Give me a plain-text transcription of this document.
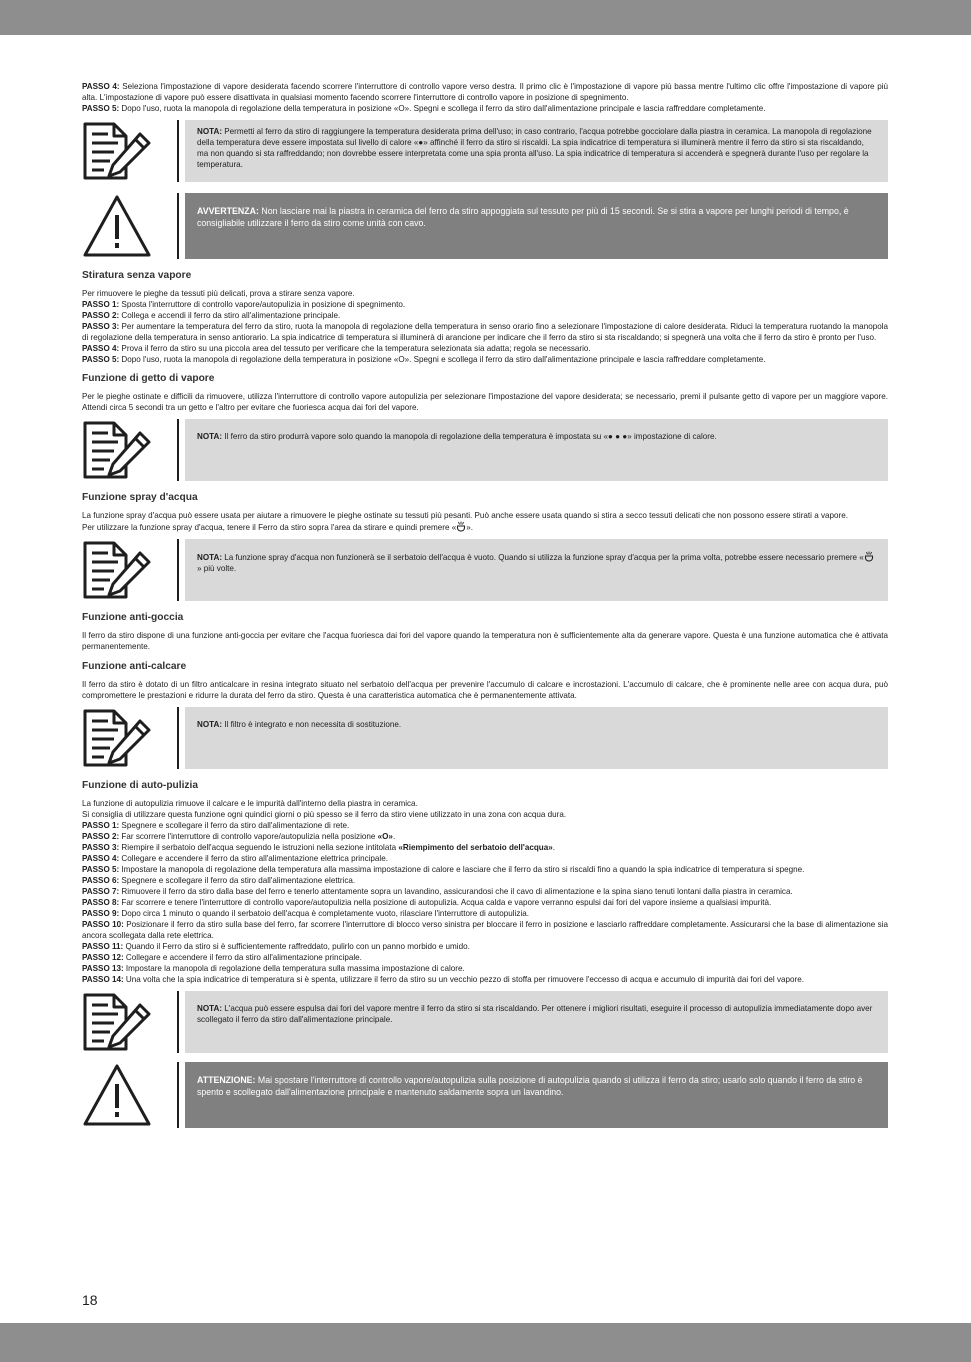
PASSO 4: Seleziona l'impostazione di vapore desiderata facendo scorrere l'interruttore di controllo vapore verso destra. Il primo clic è l'impostazione di vapore più bassa mentre l'ultimo clic offre l'impostazione di vapore più alta. L'impostazione di vapore può essere disattivata in qualsiasi momento facendo scorrere l'interruttore di controllo vapore in posizione di spegnimento.

PASSO 5: Dopo l'uso, ruota la manopola di regolazione della temperatura in posizione «O». Spegni e scollega il ferro da stiro dall'alimentazione principale e lascia raffreddare completamente.

NOTA: Permetti al ferro da stiro di raggiungere la temperatura desiderata prima dell'uso; in caso contrario, l'acqua potrebbe gocciolare dalla piastra in ceramica. La manopola di regolazione della temperatura deve essere impostata sul livello di calore «●» affinché il ferro da stiro si riscaldi. La spia indicatrice di temperatura si illuminerà mentre il ferro da stiro si sta riscaldando, ma non quando si sta raffreddando; non dovrebbe essere interpretata come una spia pronta all'uso. La spia indicatrice di temperatura si accenderà e spegnerà durante l'uso per regolare la temperatura.

AVVERTENZA: Non lasciare mai la piastra in ceramica del ferro da stiro appoggiata sul tessuto per più di 15 secondi. Se si stira a vapore per lunghi periodi di tempo, è consigliabile utilizzare il ferro da stiro come unità con cavo.

Stiratura senza vapore

Per rimuovere le pieghe da tessuti più delicati, prova a stirare senza vapore.

PASSO 1: Sposta l'interruttore di controllo vapore/autopulizia in posizione di spegnimento.

PASSO 2: Collega e accendi il ferro da stiro all'alimentazione principale.

PASSO 3: Per aumentare la temperatura del ferro da stiro, ruota la manopola di regolazione della temperatura in senso orario fino a selezionare l'impostazione di calore desiderata. Riduci la temperatura ruotando la manopola di regolazione della temperatura in senso antiorario. La spia indicatrice di temperatura si illuminerà di arancione per indicare che il ferro da stiro si sta riscaldando; si spegnerà una volta che il ferro da stiro è pronto per l'uso.

PASSO 4: Prova il ferro da stiro su una piccola area del tessuto per verificare che la temperatura selezionata sia adatta; regola se necessario.

PASSO 5: Dopo l'uso, ruota la manopola di regolazione della temperatura in posizione «O». Spegni e scollega il ferro da stiro dall'alimentazione principale e lascia raffreddare completamente.

Funzione di getto di vapore

Per le pieghe ostinate e difficili da rimuovere, utilizza l'interruttore di controllo vapore autopulizia per selezionare l'impostazione del vapore desiderata; se necessario, premi il pulsante getto di vapore per un maggiore vapore. Attendi circa 5 secondi tra un getto e l'altro per evitare che fuoriesca acqua dai fori del vapore.

NOTA: Il ferro da stiro produrrà vapore solo quando la manopola di regolazione della temperatura è impostata su «● ● ●» impostazione di calore.

Funzione spray d'acqua

La funzione spray d'acqua può essere usata per aiutare a rimuovere le pieghe ostinate su tessuti più pesanti. Può anche essere usata quando si stira a secco tessuti delicati che non possono essere stirati a vapore.

Per utilizzare la funzione spray d'acqua, tenere il Ferro da stiro sopra l'area da stirare e quindi premere « ».

NOTA: La funzione spray d'acqua non funzionerà se il serbatoio dell'acqua è vuoto. Quando si utilizza la funzione spray d'acqua per la prima volta, potrebbe essere necessario premere «» più volte.

Funzione anti-goccia

Il ferro da stiro dispone di una funzione anti-goccia per evitare che l'acqua fuoriesca dai fori del vapore quando la temperatura non è sufficientemente alta da generare vapore. Questa è una funzione automatica che è attivata permanentemente.

Funzione anti-calcare

Il ferro da stiro è dotato di un filtro anticalcare in resina integrato situato nel serbatoio dell'acqua per prevenire l'accumulo di calcare e incrostazioni. L'accumulo di calcare, che è prominente nelle aree con acqua dura, può compromettere le prestazioni e ridurre la durata del ferro da stiro. Questa è una caratteristica automatica che è permanentemente attivata.

NOTA: Il filtro è integrato e non necessita di sostituzione.

Funzione di auto-pulizia

La funzione di autopulizia rimuove il calcare e le impurità dall'interno della piastra in ceramica.

Si consiglia di utilizzare questa funzione ogni quindici giorni o più spesso se il ferro da stiro viene utilizzato in una zona con acqua dura.

PASSO 1: Spegnere e scollegare il ferro da stiro dall'alimentazione di rete.

PASSO 2: Far scorrere l'interruttore di controllo vapore/autopulizia nella posizione «O».

PASSO 3: Riempire il serbatoio dell'acqua seguendo le istruzioni nella sezione intitolata «Riempimento del serbatoio dell'acqua».

PASSO 4: Collegare e accendere il ferro da stiro all'alimentazione elettrica principale.

PASSO 5: Impostare la manopola di regolazione della temperatura alla massima impostazione di calore e lasciare che il ferro da stiro si riscaldi fino a quando la spia indicatrice di temperatura si spegne.

PASSO 6: Spegnere e scollegare il ferro da stiro dall'alimentazione elettrica.

PASSO 7: Rimuovere il ferro da stiro dalla base del ferro e tenerlo attentamente sopra un lavandino, assicurandosi che il cavo di alimentazione e la spina siano tenuti lontani dalla piastra in ceramica.

PASSO 8: Far scorrere e tenere l'interruttore di controllo vapore/autopulizia nella posizione di autopulizia. Acqua calda e vapore verranno espulsi dai fori del vapore insieme a qualsiasi impurità.

PASSO 9: Dopo circa 1 minuto o quando il serbatoio dell'acqua è completamente vuoto, rilasciare l'interruttore di autopulizia.

PASSO 10: Posizionare il ferro da stiro sulla base del ferro, far scorrere l'interruttore di blocco verso sinistra per bloccare il ferro in posizione e lasciarlo raffreddare completamente. Assicurarsi che la base di alimentazione sia ancora scollegata dalla rete elettrica.

PASSO 11: Quando il Ferro da stiro si è sufficientemente raffreddato, pulirlo con un panno morbido e umido.

PASSO 12: Collegare e accendere il ferro da stiro all'alimentazione principale.

PASSO 13: Impostare la manopola di regolazione della temperatura sulla massima impostazione di calore.

PASSO 14: Una volta che la spia indicatrice di temperatura si è spenta, utilizzare il ferro da stiro su un vecchio pezzo di stoffa per rimuovere l'eccesso di acqua e accumulo di impurità dai fori del vapore.

NOTA: L'acqua può essere espulsa dai fori del vapore mentre il ferro da stiro si sta riscaldando. Per ottenere i migliori risultati, eseguire il processo di autopulizia immediatamente dopo aver scollegato il ferro da stiro dall'alimentazione principale.

ATTENZIONE: Mai spostare l'interruttore di controllo vapore/autopulizia sulla posizione di autopulizia quando si utilizza il ferro da stiro; usarlo solo quando il ferro da stiro è spento e scollegato dall'alimentazione principale e mantenuto saldamente sopra un lavandino.

18
